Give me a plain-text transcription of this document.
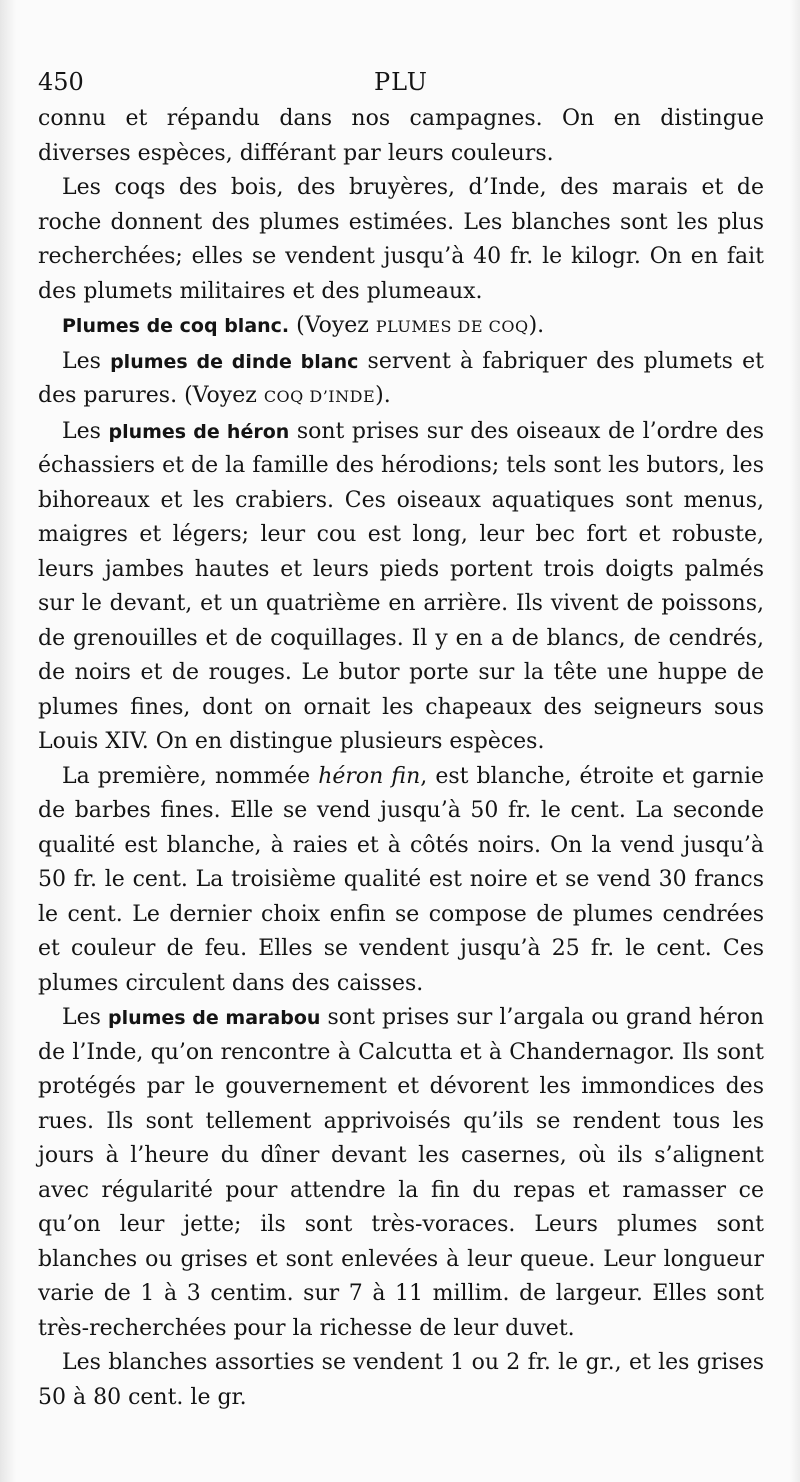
450	PLU

connu et répandu dans nos campagnes. On en distingue diverses espèces, différant par leurs couleurs.

Les coqs des bois, des bruyères, d’Inde, des marais et de roche donnent des plumes estimées. Les blanches sont les plus recherchées; elles se vendent jusqu’à 40 fr. le kilogr. On en fait des plumets militaires et des plumeaux.

Plumes de coq blanc. (Voyez PLUMES DE COQ).

Les plumes de dinde blanc servent à fabriquer des plumets et des parures. (Voyez COQ D’INDE).

Les plumes de héron sont prises sur des oiseaux de l’ordre des échassiers et de la famille des hérodions; tels sont les butors, les bihoreaux et les crabiers. Ces oiseaux aquatiques sont menus, maigres et légers; leur cou est long, leur bec fort et robuste, leurs jambes hautes et leurs pieds portent trois doigts palmés sur le devant, et un quatrième en arrière. Ils vivent de poissons, de grenouilles et de coquillages. Il y en a de blancs, de cendrés, de noirs et de rouges. Le butor porte sur la tête une huppe de plumes fines, dont on ornait les chapeaux des seigneurs sous Louis XIV. On en distingue plusieurs espèces.

La première, nommée héron fin, est blanche, étroite et garnie de barbes fines. Elle se vend jusqu’à 50 fr. le cent. La seconde qualité est blanche, à raies et à côtés noirs. On la vend jusqu’à 50 fr. le cent. La troisième qualité est noire et se vend 30 francs le cent. Le dernier choix enfin se compose de plumes cendrées et couleur de feu. Elles se vendent jusqu’à 25 fr. le cent. Ces plumes circulent dans des caisses.

Les plumes de marabou sont prises sur l’argala ou grand héron de l’Inde, qu’on rencontre à Calcutta et à Chandernagor. Ils sont protégés par le gouvernement et dévorent les immondices des rues. Ils sont tellement apprivoisés qu’ils se rendent tous les jours à l’heure du dîner devant les casernes, où ils s’alignent avec régularité pour attendre la fin du repas et ramasser ce qu’on leur jette; ils sont très-voraces. Leurs plumes sont blanches ou grises et sont enlevées à leur queue. Leur longueur varie de 1 à 3 centim. sur 7 à 11 millim. de largeur. Elles sont très-recherchées pour la richesse de leur duvet.

Les blanches assorties se vendent 1 ou 2 fr. le gr., et les grises 50 à 80 cent. le gr.
